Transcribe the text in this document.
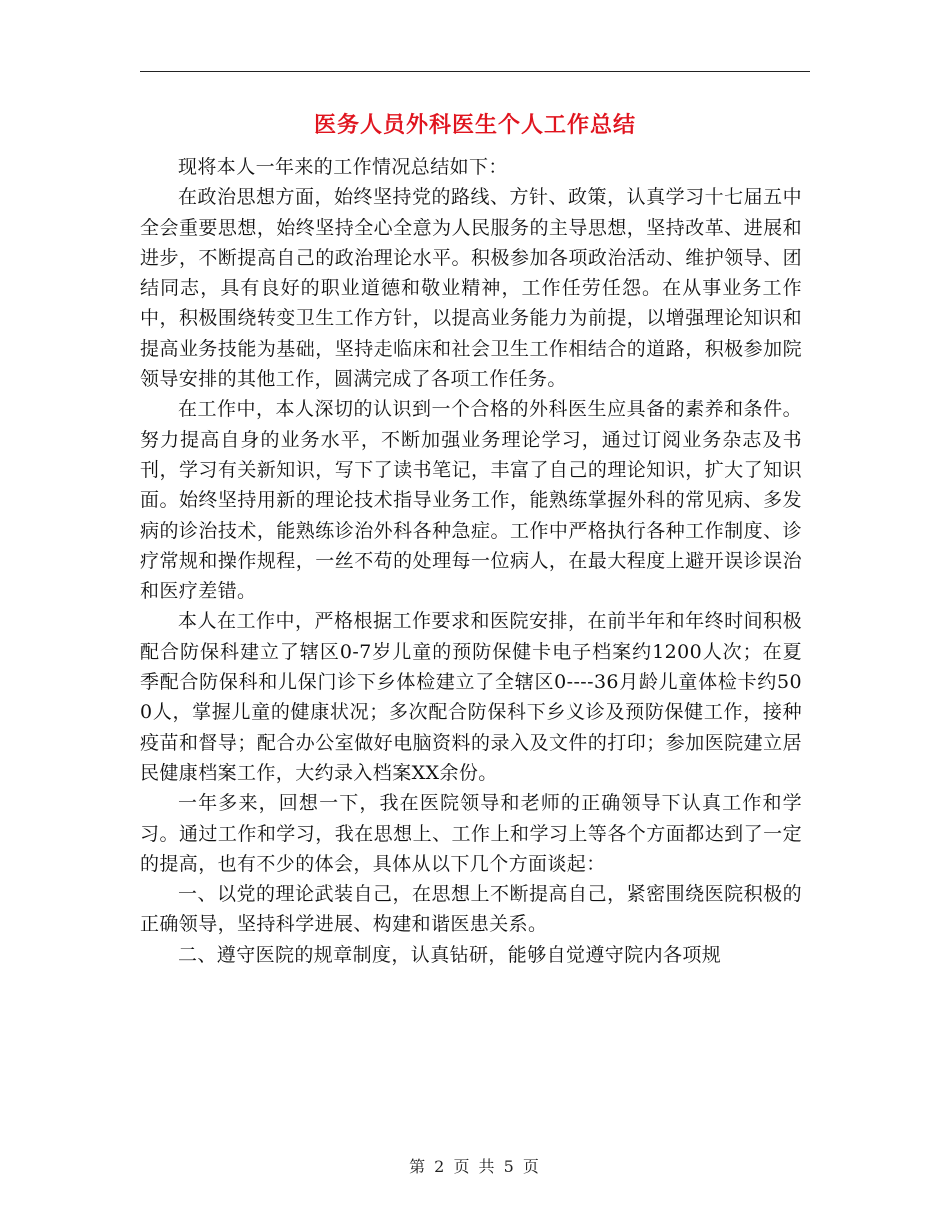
医务人员外科医生个人工作总结

现将本人一年来的工作情况总结如下：

在政治思想方面，始终坚持党的路线、方针、政策，认真学习十七届五中全会重要思想，始终坚持全心全意为人民服务的主导思想，坚持改革、进展和进步，不断提高自己的政治理论水平。积极参加各项政治活动、维护领导、团结同志，具有良好的职业道德和敬业精神，工作任劳任怨。在从事业务工作中，积极围绕转变卫生工作方针，以提高业务能力为前提，以增强理论知识和提高业务技能为基础，坚持走临床和社会卫生工作相结合的道路，积极参加院领导安排的其他工作，圆满完成了各项工作任务。

在工作中，本人深切的认识到一个合格的外科医生应具备的素养和条件。努力提高自身的业务水平，不断加强业务理论学习，通过订阅业务杂志及书刊，学习有关新知识，写下了读书笔记，丰富了自己的理论知识，扩大了知识面。始终坚持用新的理论技术指导业务工作，能熟练掌握外科的常见病、多发病的诊治技术，能熟练诊治外科各种急症。工作中严格执行各种工作制度、诊疗常规和操作规程，一丝不苟的处理每一位病人，在最大程度上避开误诊误治和医疗差错。

本人在工作中，严格根据工作要求和医院安排，在前半年和年终时间积极配合防保科建立了辖区0-7岁儿童的预防保健卡电子档案约1200人次；在夏季配合防保科和儿保门诊下乡体检建立了全辖区0----36月龄儿童体检卡约500人，掌握儿童的健康状况；多次配合防保科下乡义诊及预防保健工作，接种疫苗和督导；配合办公室做好电脑资料的录入及文件的打印；参加医院建立居民健康档案工作，大约录入档案XX余份。

一年多来，回想一下，我在医院领导和老师的正确领导下认真工作和学习。通过工作和学习，我在思想上、工作上和学习上等各个方面都达到了一定的提高，也有不少的体会，具体从以下几个方面谈起：

一、以党的理论武装自己，在思想上不断提高自己，紧密围绕医院积极的正确领导，坚持科学进展、构建和谐医患关系。

二、遵守医院的规章制度，认真钻研，能够自觉遵守院内各项规

第 2 页 共 5 页
